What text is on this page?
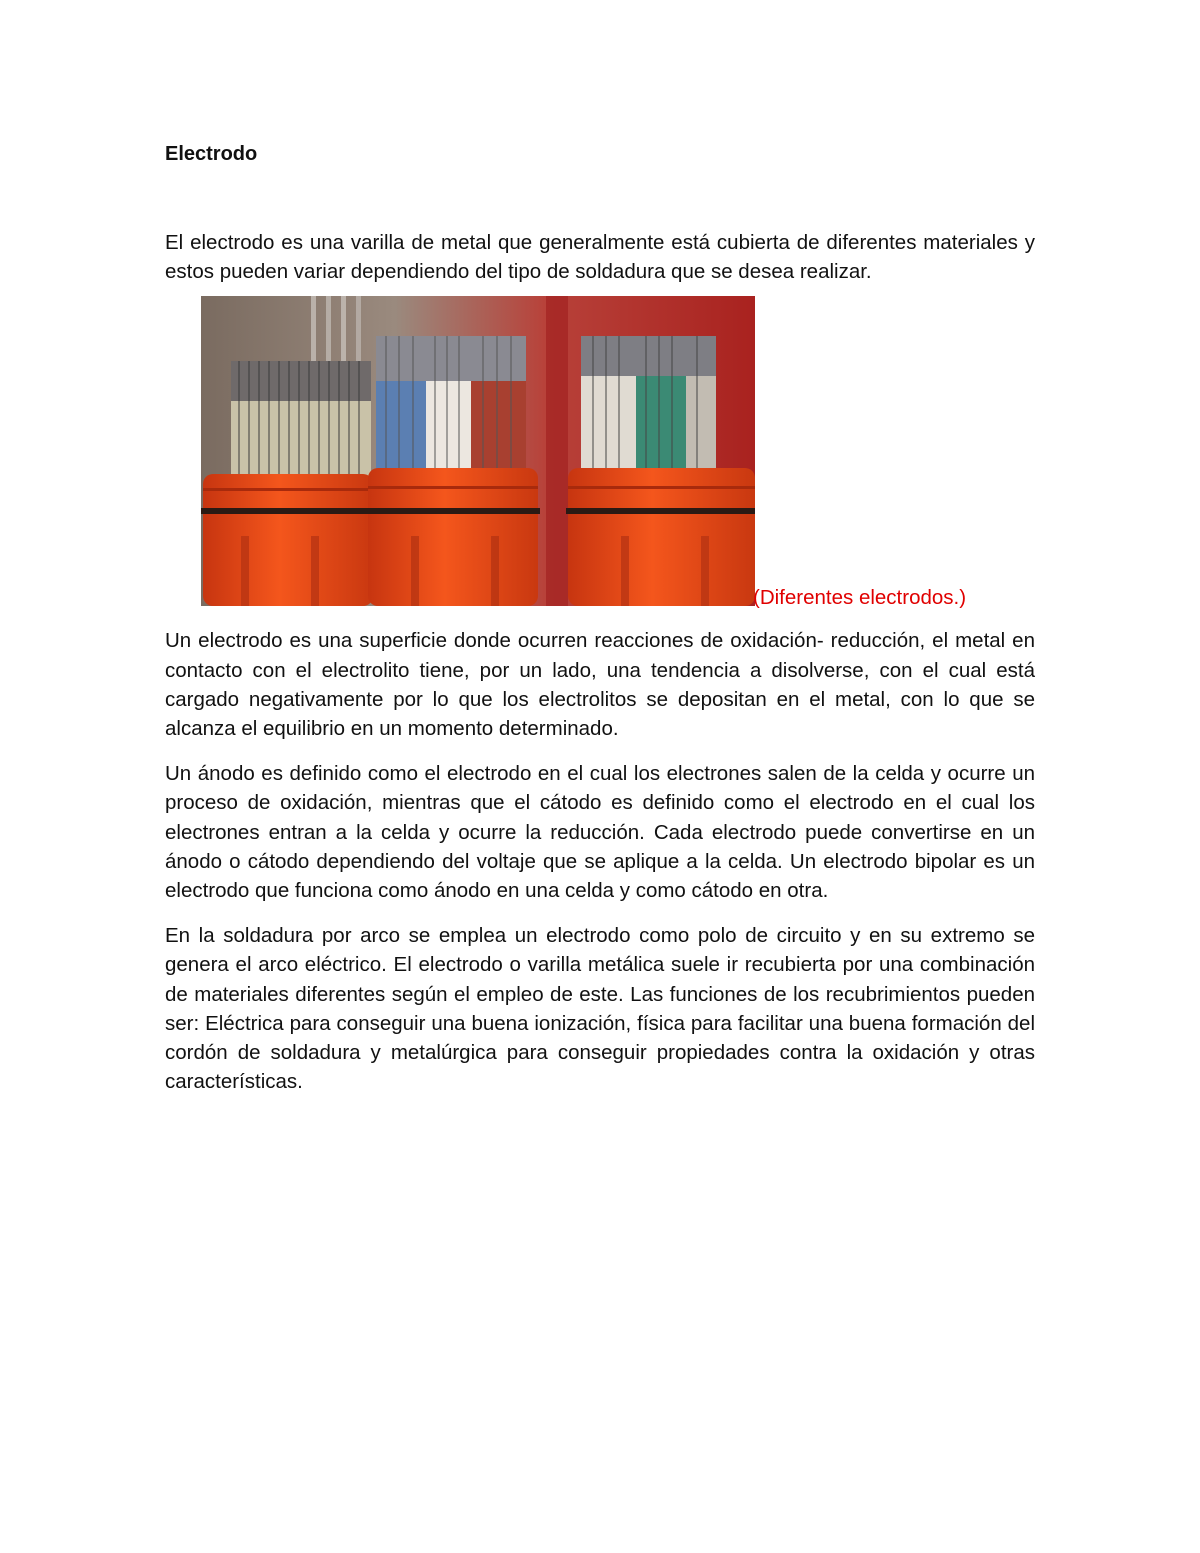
Electrodo

El electrodo es una varilla de metal que generalmente está cubierta de diferentes materiales y estos pueden variar dependiendo del tipo de soldadura que se desea realizar.

(Diferentes electrodos.)

Un electrodo es una superficie donde ocurren reacciones de oxidación- reducción, el metal en contacto con el electrolito tiene, por un lado, una tendencia a disolverse, con el cual está cargado negativamente por lo que los electrolitos se depositan en el metal, con lo que se alcanza el equilibrio en un momento determinado.

Un ánodo es definido como el electrodo en el cual los electrones salen de la celda y ocurre un proceso de oxidación, mientras que el cátodo es definido como el electrodo en el cual los electrones entran a la celda y ocurre la reducción. Cada electrodo puede convertirse en un ánodo o cátodo dependiendo del voltaje que se aplique a la celda. Un electrodo bipolar es un electrodo que funciona como ánodo en una celda y como cátodo en otra.

En la soldadura por arco se emplea un electrodo como polo de circuito y en su extremo se genera el arco eléctrico. El electrodo o varilla metálica suele ir recubierta por una combinación de materiales diferentes según el empleo de este. Las funciones de los recubrimientos pueden ser: Eléctrica para conseguir una buena ionización, física para facilitar una buena formación del cordón de soldadura y metalúrgica para conseguir propiedades contra la oxidación y otras características.
